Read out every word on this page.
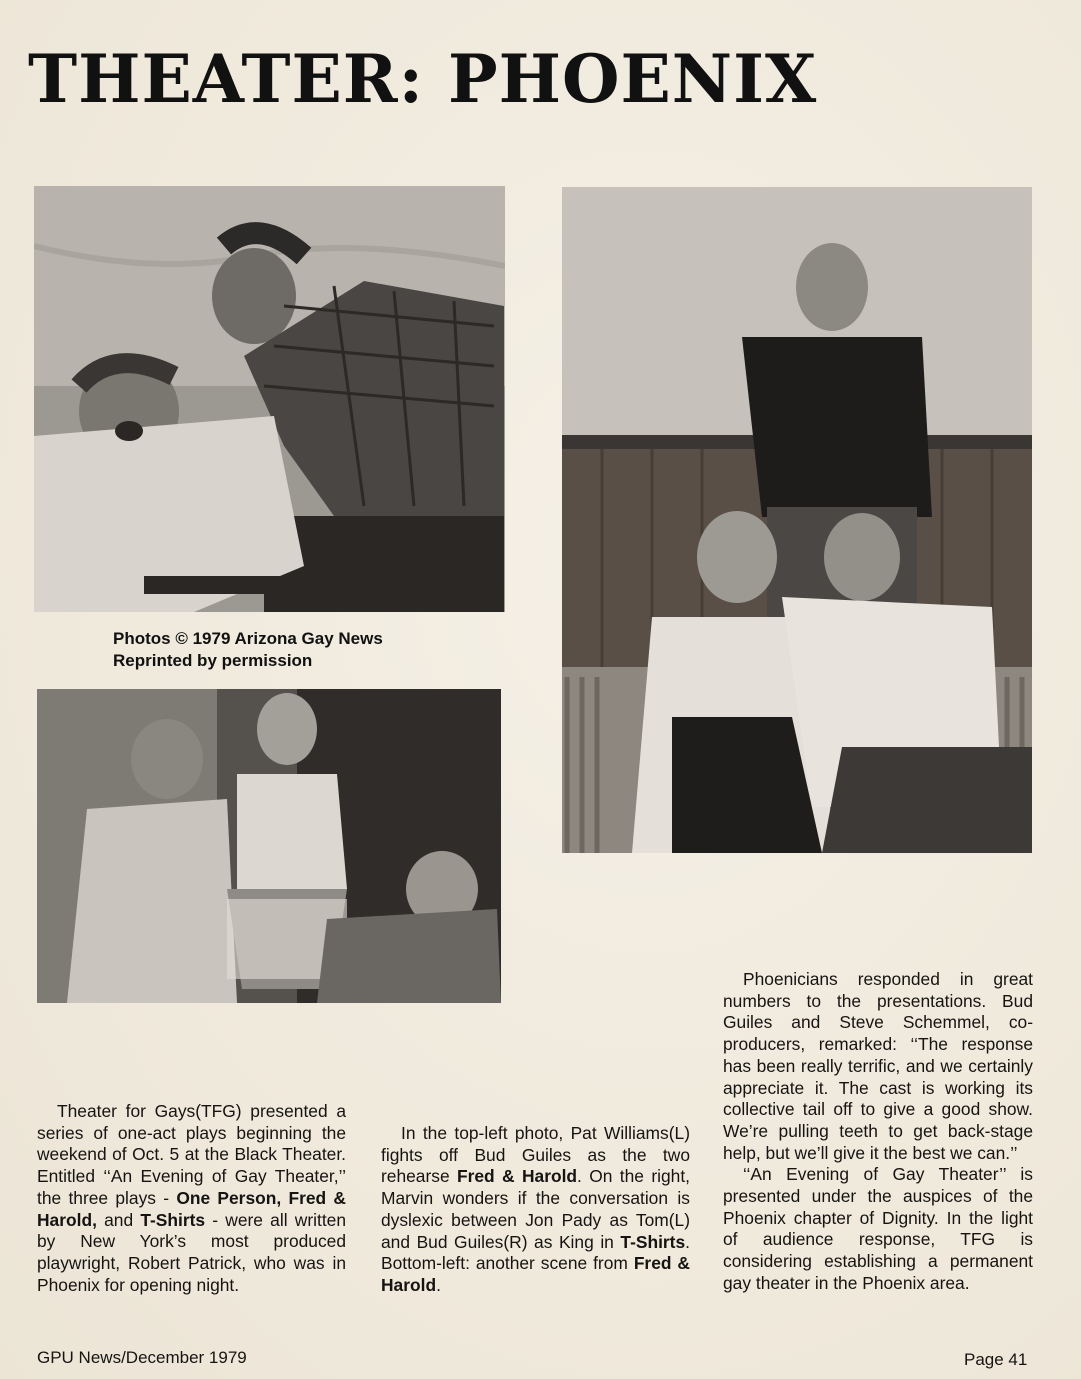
THEATER: PHOENIX
Photos © 1979 Arizona Gay News
Reprinted by permission

Theater for Gays(TFG) presented a series of one-act plays beginning the weekend of Oct. 5 at the Black Theater. Entitled ‘‘An Evening of Gay Theater,’’ the three plays - One Person, Fred & Harold, and T-Shirts - were all written by New York’s most produced playwright, Robert Patrick, who was in Phoenix for opening night.

In the top-left photo, Pat Williams(L) fights off Bud Guiles as the two rehearse Fred & Harold. On the right, Marvin wonders if the conversation is dyslexic between Jon Pady as Tom(L) and Bud Guiles(R) as King in T-Shirts. Bottom-left: another scene from Fred & Harold.

Phoenicians responded in great numbers to the presentations. Bud Guiles and Steve Schemmel, co-producers, remarked: ‘‘The response has been really terrific, and we certainly appreciate it. The cast is working its collective tail off to give a good show. We’re pulling teeth to get back-stage help, but we’ll give it the best we can.’’

‘‘An Evening of Gay Theater’’ is presented under the auspices of the Phoenix chapter of Dignity. In the light of audience response, TFG is considering establishing a permanent gay theater in the Phoenix area.

GPU News/December 1979	Page 41
